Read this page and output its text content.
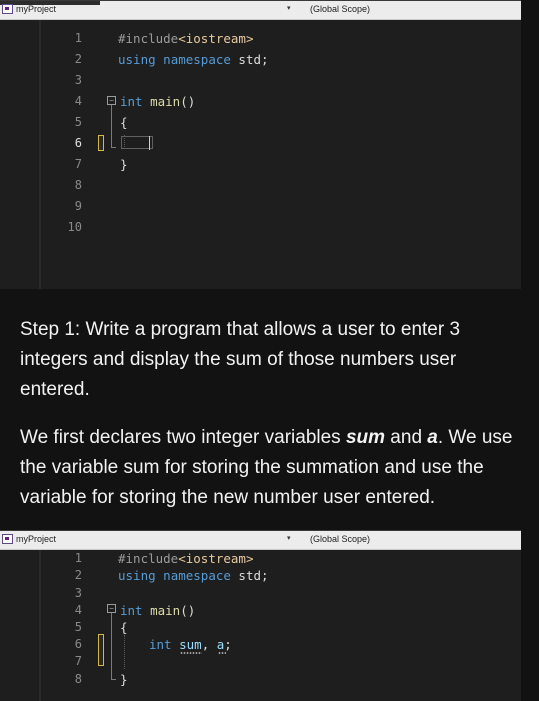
myProject	▾ (Global Scope)
1
2
3
4
5
6
7
8
9
10
#include<iostream>
using namespace std;
− int main()
{
}
Step 1: Write a program that allows a user to enter 3 integers and display the sum of those numbers user entered.
We first declares two integer variables sum and a. We use the variable sum for storing the summation and use the variable for storing the new number user entered.
myProject	▾ (Global Scope)
1
2
3
4
5
6
7
8
#include<iostream>
using namespace std;
− int main()
{
int sum, a;
}
